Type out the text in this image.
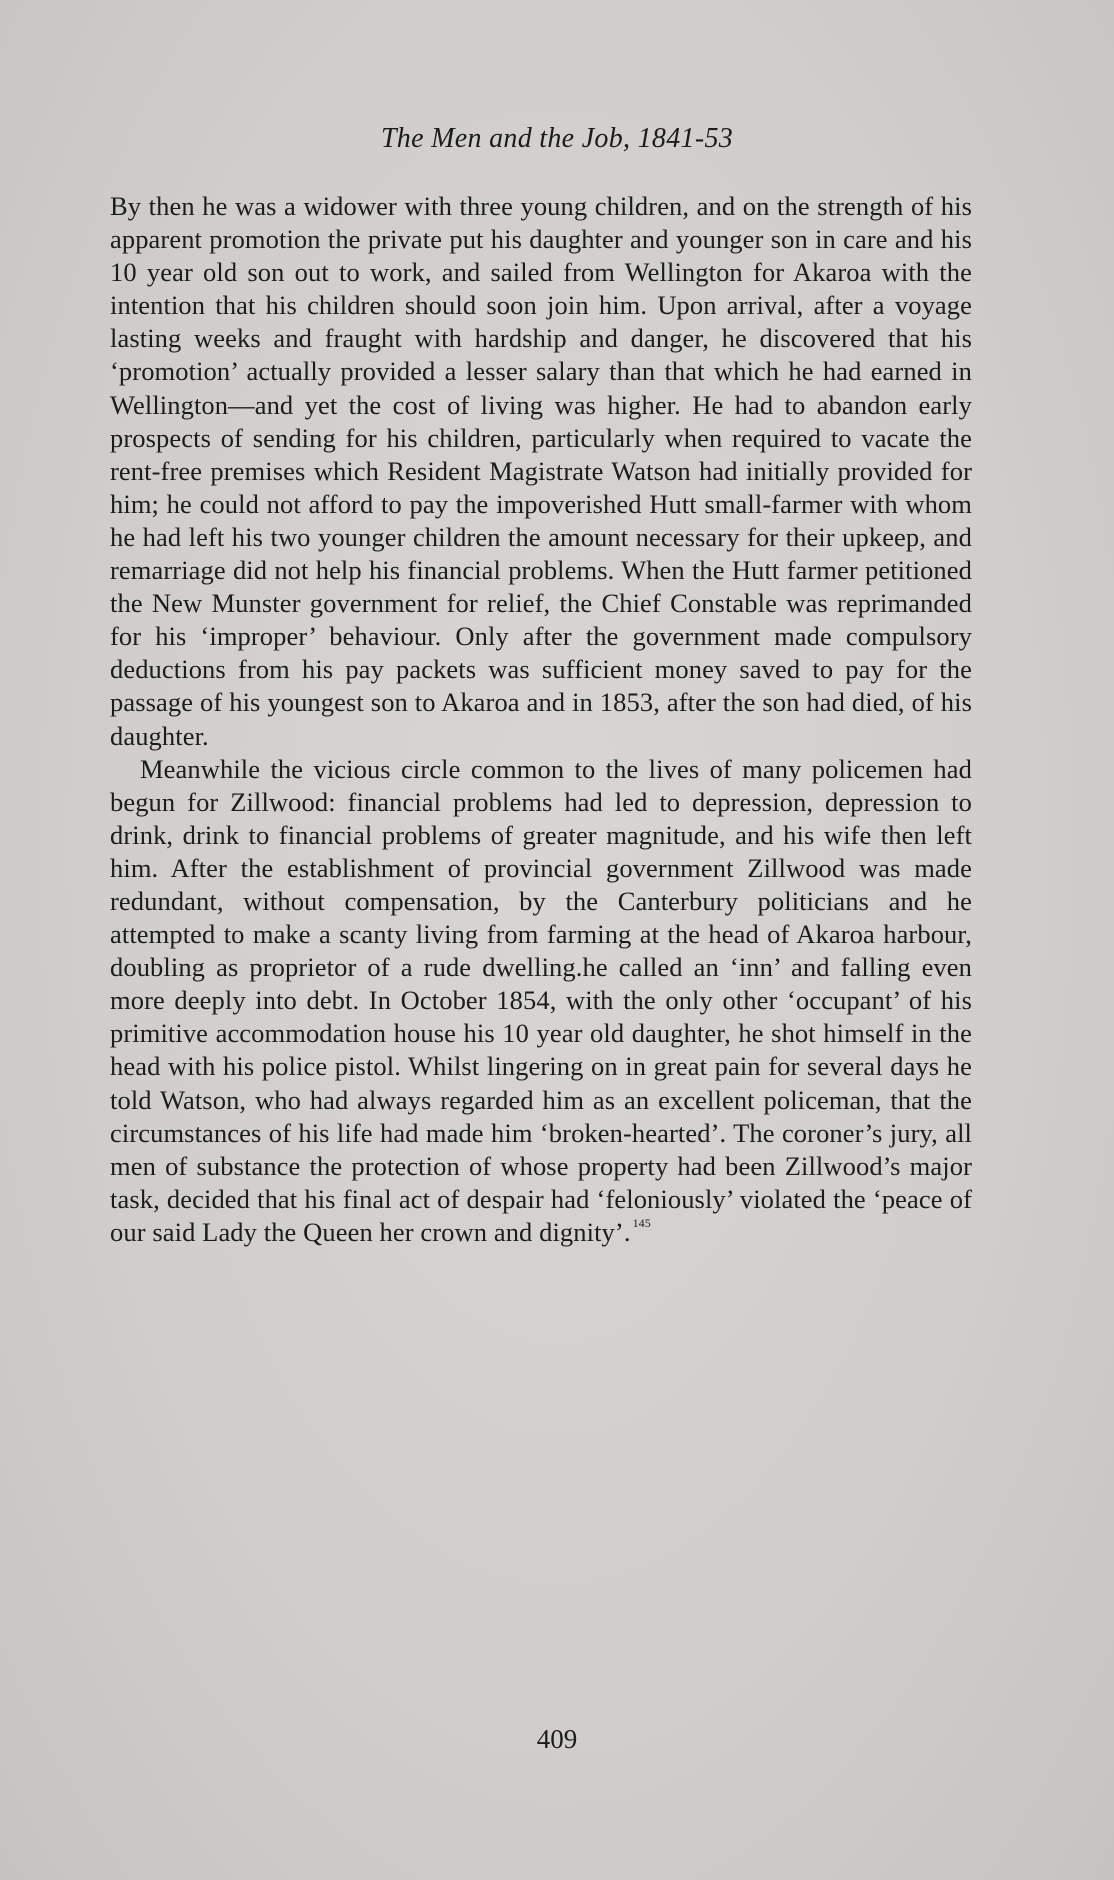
The Men and the Job, 1841-53

By then he was a widower with three young children, and on the strength of his apparent promotion the private put his daughter and younger son in care and his 10 year old son out to work, and sailed from Wellington for Akaroa with the intention that his children should soon join him. Upon arrival, after a voyage lasting weeks and fraught with hardship and danger, he discovered that his ‘promotion’ actually provided a lesser salary than that which he had earned in Wellington—and yet the cost of living was higher. He had to abandon early prospects of sending for his children, particularly when required to vacate the rent-free premises which Resident Magistrate Watson had initially provided for him; he could not afford to pay the impoverished Hutt small-farmer with whom he had left his two younger children the amount necessary for their upkeep, and remarriage did not help his financial problems. When the Hutt farmer petitioned the New Munster government for relief, the Chief Constable was reprimanded for his ‘improper’ behaviour. Only after the government made compulsory deductions from his pay packets was sufficient money saved to pay for the passage of his youngest son to Akaroa and in 1853, after the son had died, of his daughter.

Meanwhile the vicious circle common to the lives of many policemen had begun for Zillwood: financial problems had led to depression, depression to drink, drink to financial problems of greater magnitude, and his wife then left him. After the establishment of provincial government Zillwood was made redundant, without compensation, by the Canterbury politicians and he attempted to make a scanty living from farming at the head of Akaroa harbour, doubling as proprietor of a rude dwelling.he called an ‘inn’ and falling even more deeply into debt. In October 1854, with the only other ‘occupant’ of his primitive accommodation house his 10 year old daughter, he shot himself in the head with his police pistol. Whilst lingering on in great pain for several days he told Watson, who had always regarded him as an excellent policeman, that the circumstances of his life had made him ‘broken-hearted’. The coroner’s jury, all men of substance the protection of whose property had been Zillwood’s major task, decided that his final act of despair had ‘feloniously’ violated the ‘peace of our said Lady the Queen her crown and dignity’. $^{145}$

409
